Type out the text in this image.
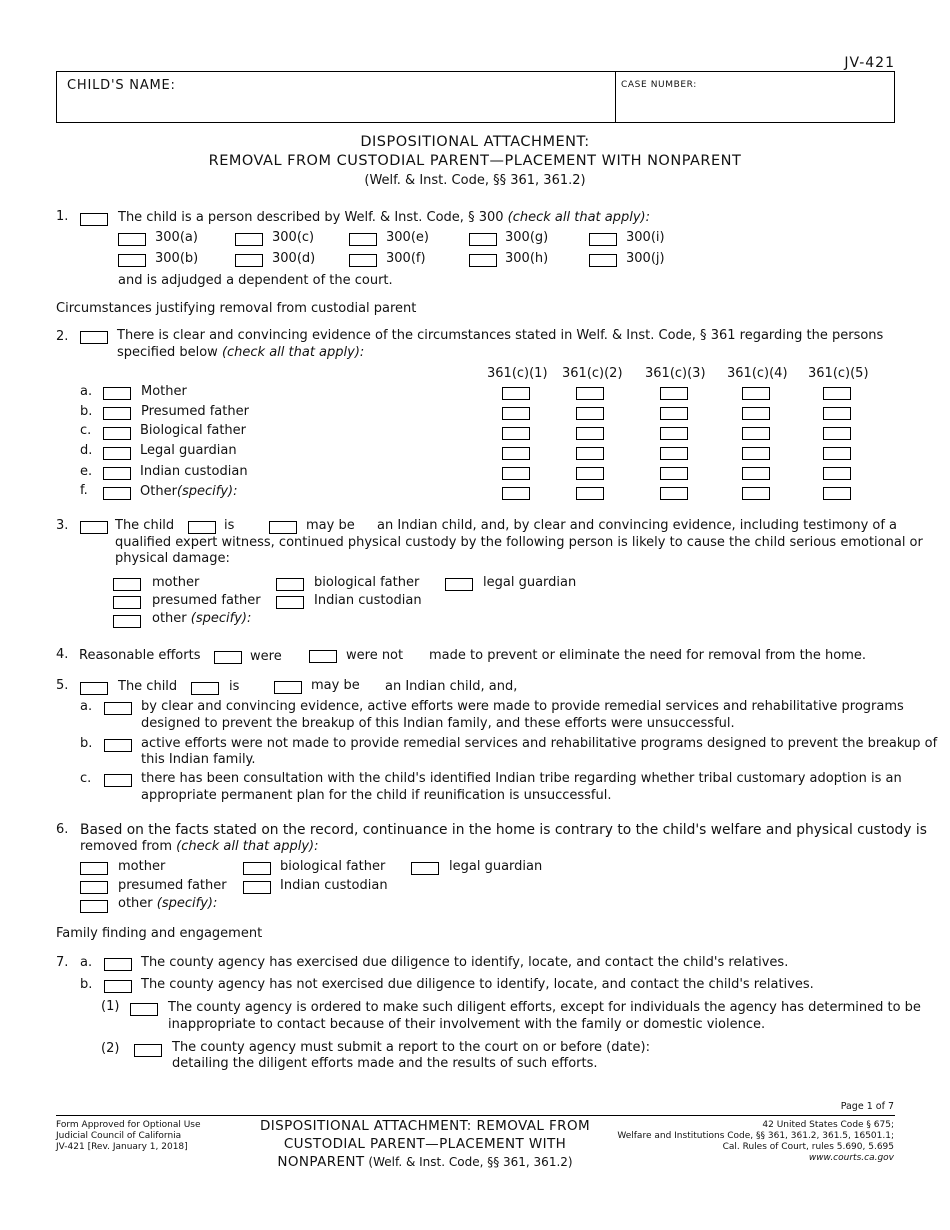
JV-421
CHILD'S NAME:	CASE NUMBER:
DISPOSITIONAL ATTACHMENT:
REMOVAL FROM CUSTODIAL PARENT—PLACEMENT WITH NONPARENT
(Welf. & Inst. Code, §§ 361, 361.2)
1.	The child is a person described by Welf. & Inst. Code, § 300 (check all that apply):
300(a)	300(c)	300(e)	300(g)	300(i)
300(b)	300(d)	300(f)	300(h)	300(j)
and is adjudged a dependent of the court.
Circumstances justifying removal from custodial parent
2.	There is clear and convincing evidence of the circumstances stated in Welf. & Inst. Code, § 361 regarding the persons
specified below (check all that apply):
361(c)(1) 361(c)(2) 361(c)(3) 361(c)(4) 361(c)(5)
a.	Mother
b.	Presumed father
c.	Biological father
d.	Legal guardian
e.	Indian custodian
f.	Other(specify):
3.	The child	is	may be an Indian child, and, by clear and convincing evidence, including testimony of a
qualified expert witness, continued physical custody by the following person is likely to cause the child serious emotional or
physical damage:
mother	biological father	legal guardian
presumed father	Indian custodian
other (specify):
4. Reasonable efforts	were	were not made to prevent or eliminate the need for removal from the home.
5.	The child	is	may be an Indian child, and,
a.	by clear and convincing evidence, active efforts were made to provide remedial services and rehabilitative programs
designed to prevent the breakup of this Indian family, and these efforts were unsuccessful.
b.	active efforts were not made to provide remedial services and rehabilitative programs designed to prevent the breakup of
this Indian family.
c.	there has been consultation with the child's identified Indian tribe regarding whether tribal customary adoption is an
appropriate permanent plan for the child if reunification is unsuccessful.
6. Based on the facts stated on the record, continuance in the home is contrary to the child's welfare and physical custody is
removed from (check all that apply):
mother	biological father	legal guardian
presumed father	Indian custodian
other (specify):
Family finding and engagement
7. a.	The county agency has exercised due diligence to identify, locate, and contact the child's relatives.
b.	The county agency has not exercised due diligence to identify, locate, and contact the child's relatives.
(1)	The county agency is ordered to make such diligent efforts, except for individuals the agency has determined to be
inappropriate to contact because of their involvement with the family or domestic violence.
(2)	The county agency must submit a report to the court on or before (date):
detailing the diligent efforts made and the results of such efforts.
Page 1 of 7
Form Approved for Optional Use
Judicial Council of California
JV-421 [Rev. January 1, 2018]
DISPOSITIONAL ATTACHMENT: REMOVAL FROM
CUSTODIAL PARENT—PLACEMENT WITH
NONPARENT (Welf. & Inst. Code, §§ 361, 361.2)
42 United States Code § 675;
Welfare and Institutions Code, §§ 361, 361.2, 361.5, 16501.1;
Cal. Rules of Court, rules 5.690, 5.695
www.courts.ca.gov
